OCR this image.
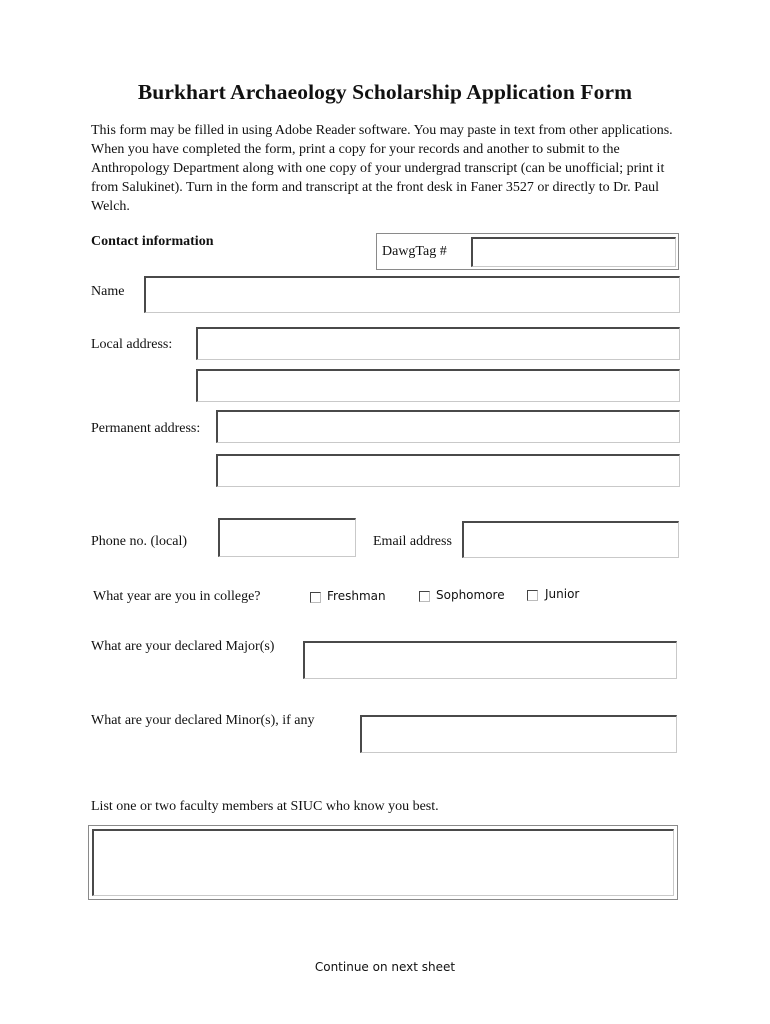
Burkhart Archaeology Scholarship Application Form
This form may be filled in using Adobe Reader software. You may paste in text from other applications. When you have completed the form, print a copy for your records and another to submit to the Anthropology Department along with one copy of your undergrad transcript (can be unofficial; print it from Salukinet). Turn in the form and transcript at the front desk in Faner 3527 or directly to Dr. Paul Welch.
Contact information
DawgTag #
Name
Local address:
Permanent address:
Phone no. (local)	Email address
What year are you in college?	Freshman	Sophomore	Junior
What are your declared Major(s)
What are your declared Minor(s), if any
List one or two faculty members at SIUC who know you best.
Continue on next sheet
